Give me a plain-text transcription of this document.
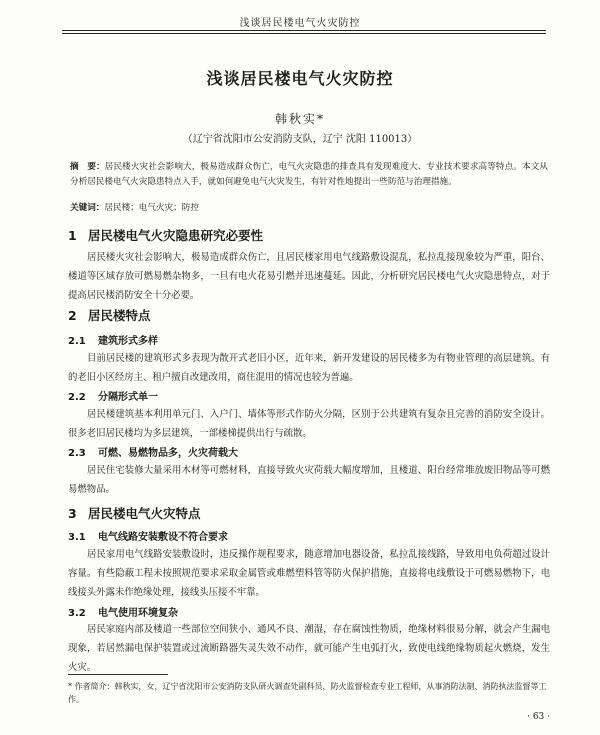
浅谈居民楼电气火灾防控
浅谈居民楼电气火灾防控
韩秋实*
（辽宁省沈阳市公安消防支队，辽宁 沈阳 110013）
摘　要：居民楼火灾社会影响大，极易造成群众伤亡，电气火灾隐患的排查具有发现难度大、专业技术要求高等特点。本文从分析居民楼电气火灾隐患特点入手，就如何避免电气火灾发生，有针对性地提出一些防范与治理措施。
关键词：居民楼；电气火灾；防控
1 居民楼电气火灾隐患研究必要性
居民楼火灾社会影响大，极易造成群众伤亡，且居民楼家用电气线路敷设混乱，私拉乱接现象较为严重，阳台、楼道等区域存放可燃易燃杂物多，一旦有电火花易引燃并迅速蔓延。因此，分析研究居民楼电气火灾隐患特点，对于提高居民楼消防安全十分必要。
2 居民楼特点
2.1 建筑形式多样
目前居民楼的建筑形式多表现为散开式老旧小区，近年来，新开发建设的居民楼多为有物业管理的高层建筑。有的老旧小区经房主、租户擅自改建改用，商住混用的情况也较为普遍。
2.2 分隔形式单一
居民楼建筑基本利用单元门、入户门、墙体等形式作防火分隔，区别于公共建筑有复杂且完善的消防安全设计。很多老旧居民楼均为多层建筑，一部楼梯提供出行与疏散。
2.3 可燃、易燃物品多，火灾荷载大
居民住宅装修大量采用木材等可燃材料，直接导致火灾荷载大幅度增加，且楼道、阳台经常堆放废旧物品等可燃易燃物品。
3 居民楼电气火灾特点
3.1 电气线路安装敷设不符合要求
居民家用电气线路安装敷设时，违反操作规程要求，随意增加电器设备，私拉乱接线路，导致用电负荷超过设计容量。有些隐蔽工程未按照规范要求采取金属管或难燃塑料管等防火保护措施，直接将电线敷设于可燃易燃物下，电线接头外露未作绝缘处理，接线头压接不牢靠。
3.2 电气使用环境复杂
居民家庭内部及楼道一些部位空间狭小、通风不良、潮湿，存在腐蚀性物质，绝缘材料很易分解，就会产生漏电现象，若居然漏电保护装置或过流断路器失灵失效不动作，就可能产生电弧打火，致使电线绝缘物质起火燃烧，发生火灾。
* 作者简介：韩秋实，女，辽宁省沈阳市公安消防支队研火调查处副科员，防火监督检查专业工程师，从事消防法制、消防执法监督等工作。
· 63 ·
